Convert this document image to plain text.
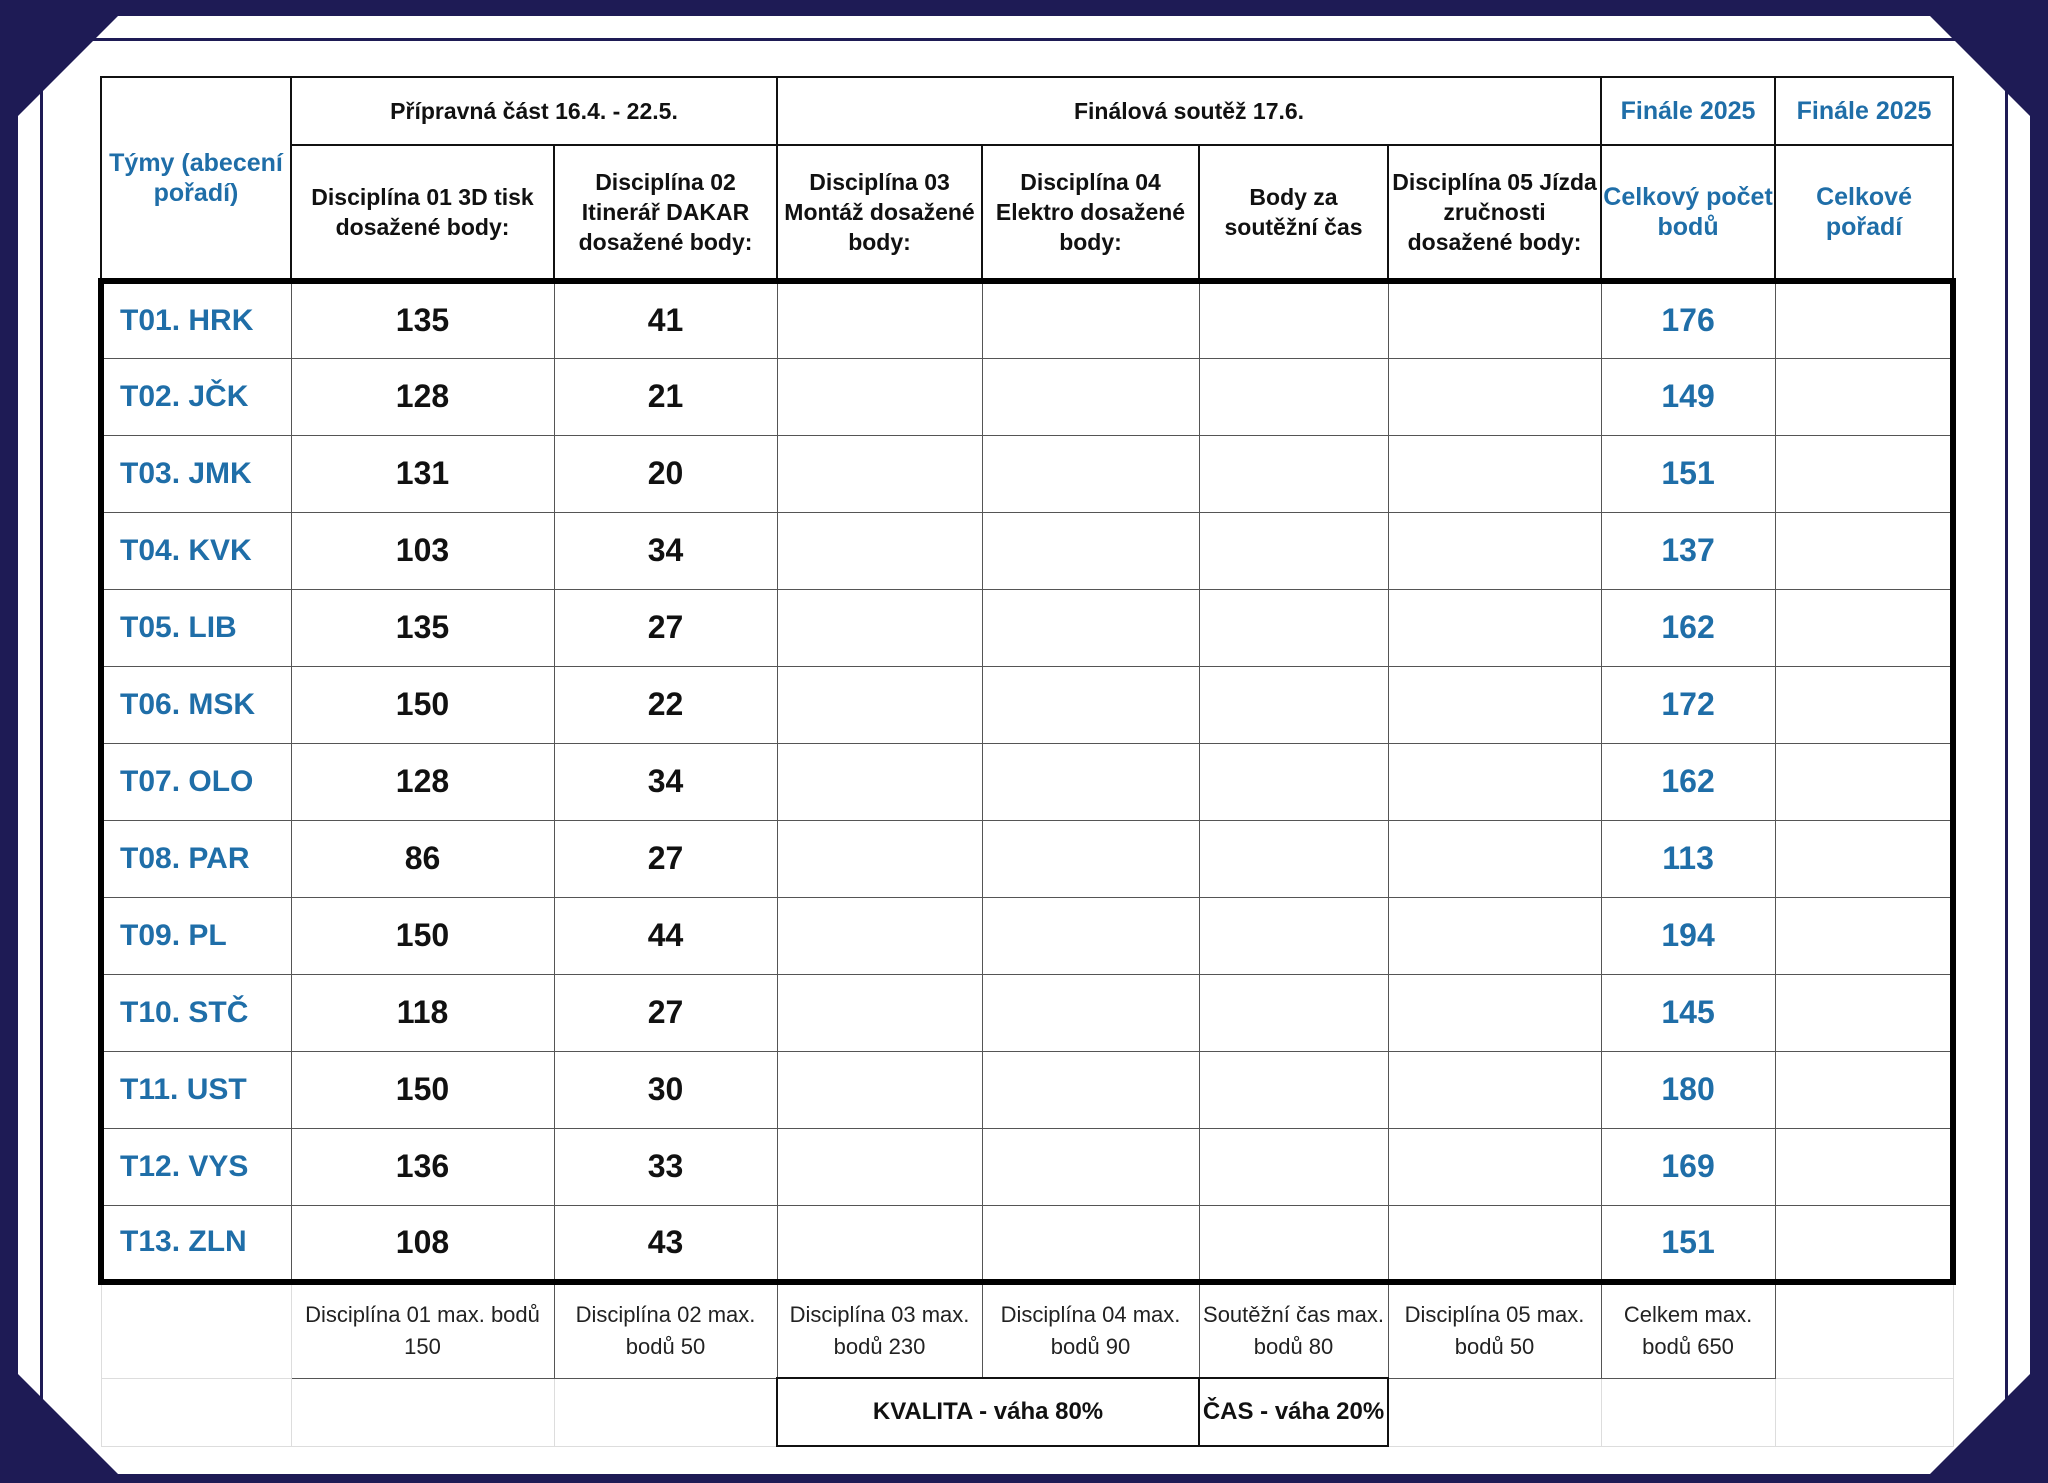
Týmy (abecení pořadí)	Přípravná část 16.4. - 22.5.		Finálová soutěž 17.6.				Finále 2025	Finále 2025
	Disciplína 01 3D tisk dosažené body:	Disciplína 02 Itinerář DAKAR dosažené body:	Disciplína 03 Montáž dosažené body:	Disciplína 04 Elektro dosažené body:	Body za soutěžní čas	Disciplína 05 Jízda zručnosti dosažené body:	Celkový počet bodů	Celkové pořadí
T01. HRK	135	41					176	
T02. JČK	128	21					149	
T03. JMK	131	20					151	
T04. KVK	103	34					137	
T05. LIB	135	27					162	
T06. MSK	150	22					172	
T07. OLO	128	34					162	
T08. PAR	86	27					113	
T09. PL	150	44					194	
T10. STČ	118	27					145	
T11. UST	150	30					180	
T12. VYS	136	33					169	
T13. ZLN	108	43					151	
	Disciplína 01 max. bodů 150	Disciplína 02 max. bodů 50	Disciplína 03 max. bodů 230	Disciplína 04 max. bodů 90	Soutěžní čas max. bodů 80	Disciplína 05 max. bodů 50	Celkem max. bodů 650	
			KVALITA - váha 80%		ČAS - váha 20%			
